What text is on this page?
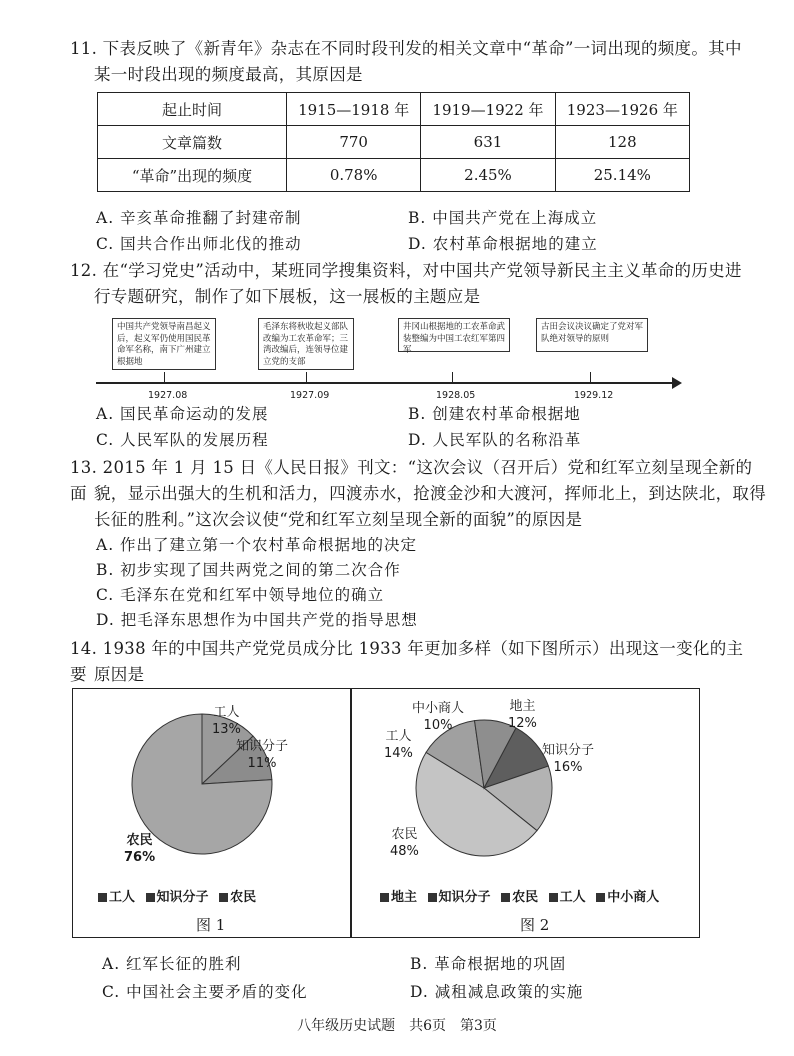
11. 下表反映了《新青年》杂志在不同时段刊发的相关文章中“革命”一词出现的频度。其中
某一时段出现的频度最高，其原因是
起止时间	1915—1918 年	1919—1922 年	1923—1926 年
文章篇数	770	631	128
“革命”出现的频度	0.78%	2.45%	25.14%
A. 辛亥革命推翻了封建帝制	B. 中国共产党在上海成立
C. 国共合作出师北伐的推动	D. 农村革命根据地的建立
12. 在“学习党史”活动中，某班同学搜集资料，对中国共产党领导新民主主义革命的历史进
行专题研究，制作了如下展板，这一展板的主题应是
中国共产党领导南昌起义后，起义军仍使用国民革命军名称，南下广州建立根据地
毛泽东将秋收起义部队改编为工农革命军；三湾改编后，连领导位建立党的支部
井冈山根据地的工农革命武装整编为中国工农红军第四军
古田会议决议确定了党对军队绝对领导的原则
1927.08	1927.09	1928.05	1929.12
A. 国民革命运动的发展	B. 创建农村革命根据地
C. 人民军队的发展历程	D. 人民军队的名称沿革
13. 2015 年 1 月 15 日《人民日报》刊文：“这次会议（召开后）党和红军立刻呈现全新的面 貌，显示出强大的生机和活力，四渡赤水，抢渡金沙和大渡河，挥师北上，到达陕北，取得
长征的胜利。”这次会议使“党和红军立刻呈现全新的面貌”的原因是
A. 作出了建立第一个农村革命根据地的决定
B. 初步实现了国共两党之间的第二次合作
C. 毛泽东在党和红军中领导地位的确立
D. 把毛泽东思想作为中国共产党的指导思想
14. 1938 年的中国共产党党员成分比 1933 年更加多样（如下图所示）出现这一变化的主要 原因是
工人
13%
知识分子
11%
农民
76%
中小商人
10%
地主
12%
工人
14%	知识分子
16%
农民
48%
工人 知识分子 农民	地主 知识分子 农民 工人 中小商人
图 1	图 2
A. 红军长征的胜利	B. 革命根据地的巩固
C. 中国社会主要矛盾的变化	D. 减租减息政策的实施
八年级历史试题　共6页　第3页
